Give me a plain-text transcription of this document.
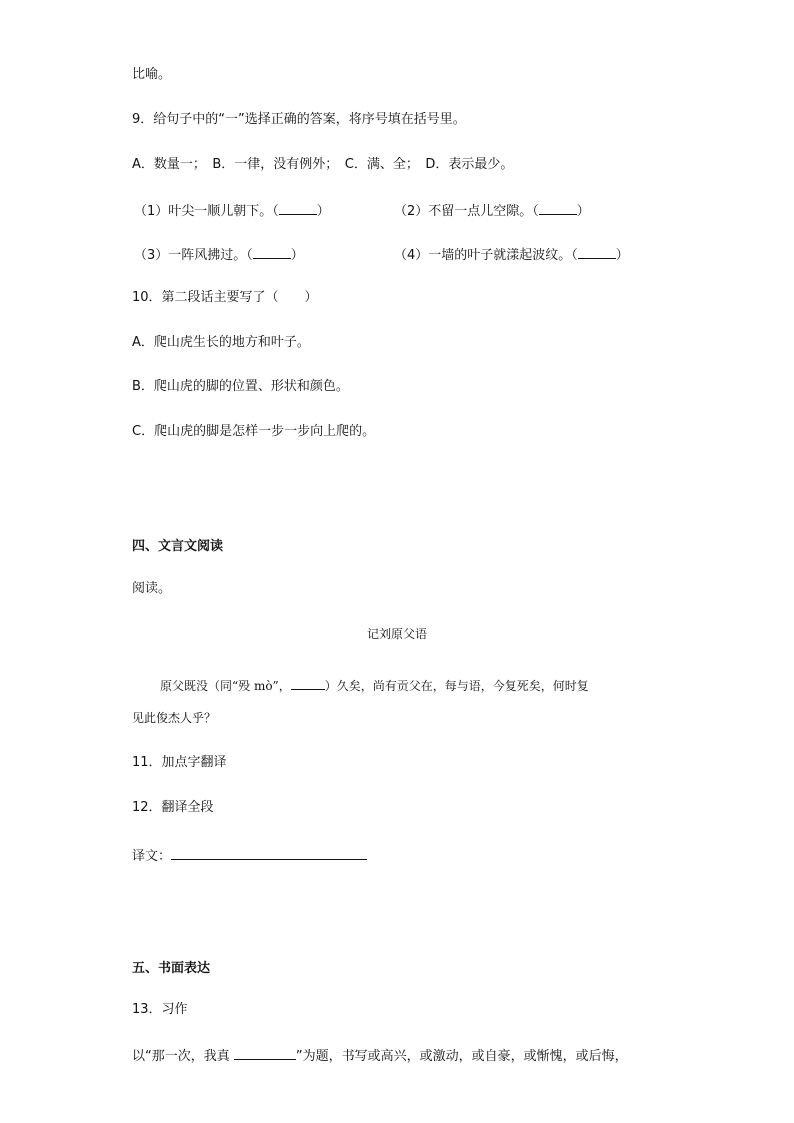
比喻。
9．给句子中的“一”选择正确的答案，将序号填在括号里。
A．数量一；　B．一律，没有例外；　C．满、全；　D．表示最少。
（1）叶尖一顺儿朝下。（	）	（2）不留一点儿空隙。（	）
（3）一阵风拂过。（	）	（4）一墙的叶子就漾起波纹。（	）
10．第二段话主要写了（　　）
A．爬山虎生长的地方和叶子。
B．爬山虎的脚的位置、形状和颜色。
C．爬山虎的脚是怎样一步一步向上爬的。
四、文言文阅读
阅读。
记刘原父语
原父既没（同“殁 mò”，	）久矣，尚有贡父在，每与语，今复死矣，何时复
见此俊杰人乎？
11．加点字翻译
12．翻译全段
译文：
五、书面表达
13．习作
以“那一次，我真	”为题，书写或高兴，或激动，或自豪，或惭愧，或后悔，
